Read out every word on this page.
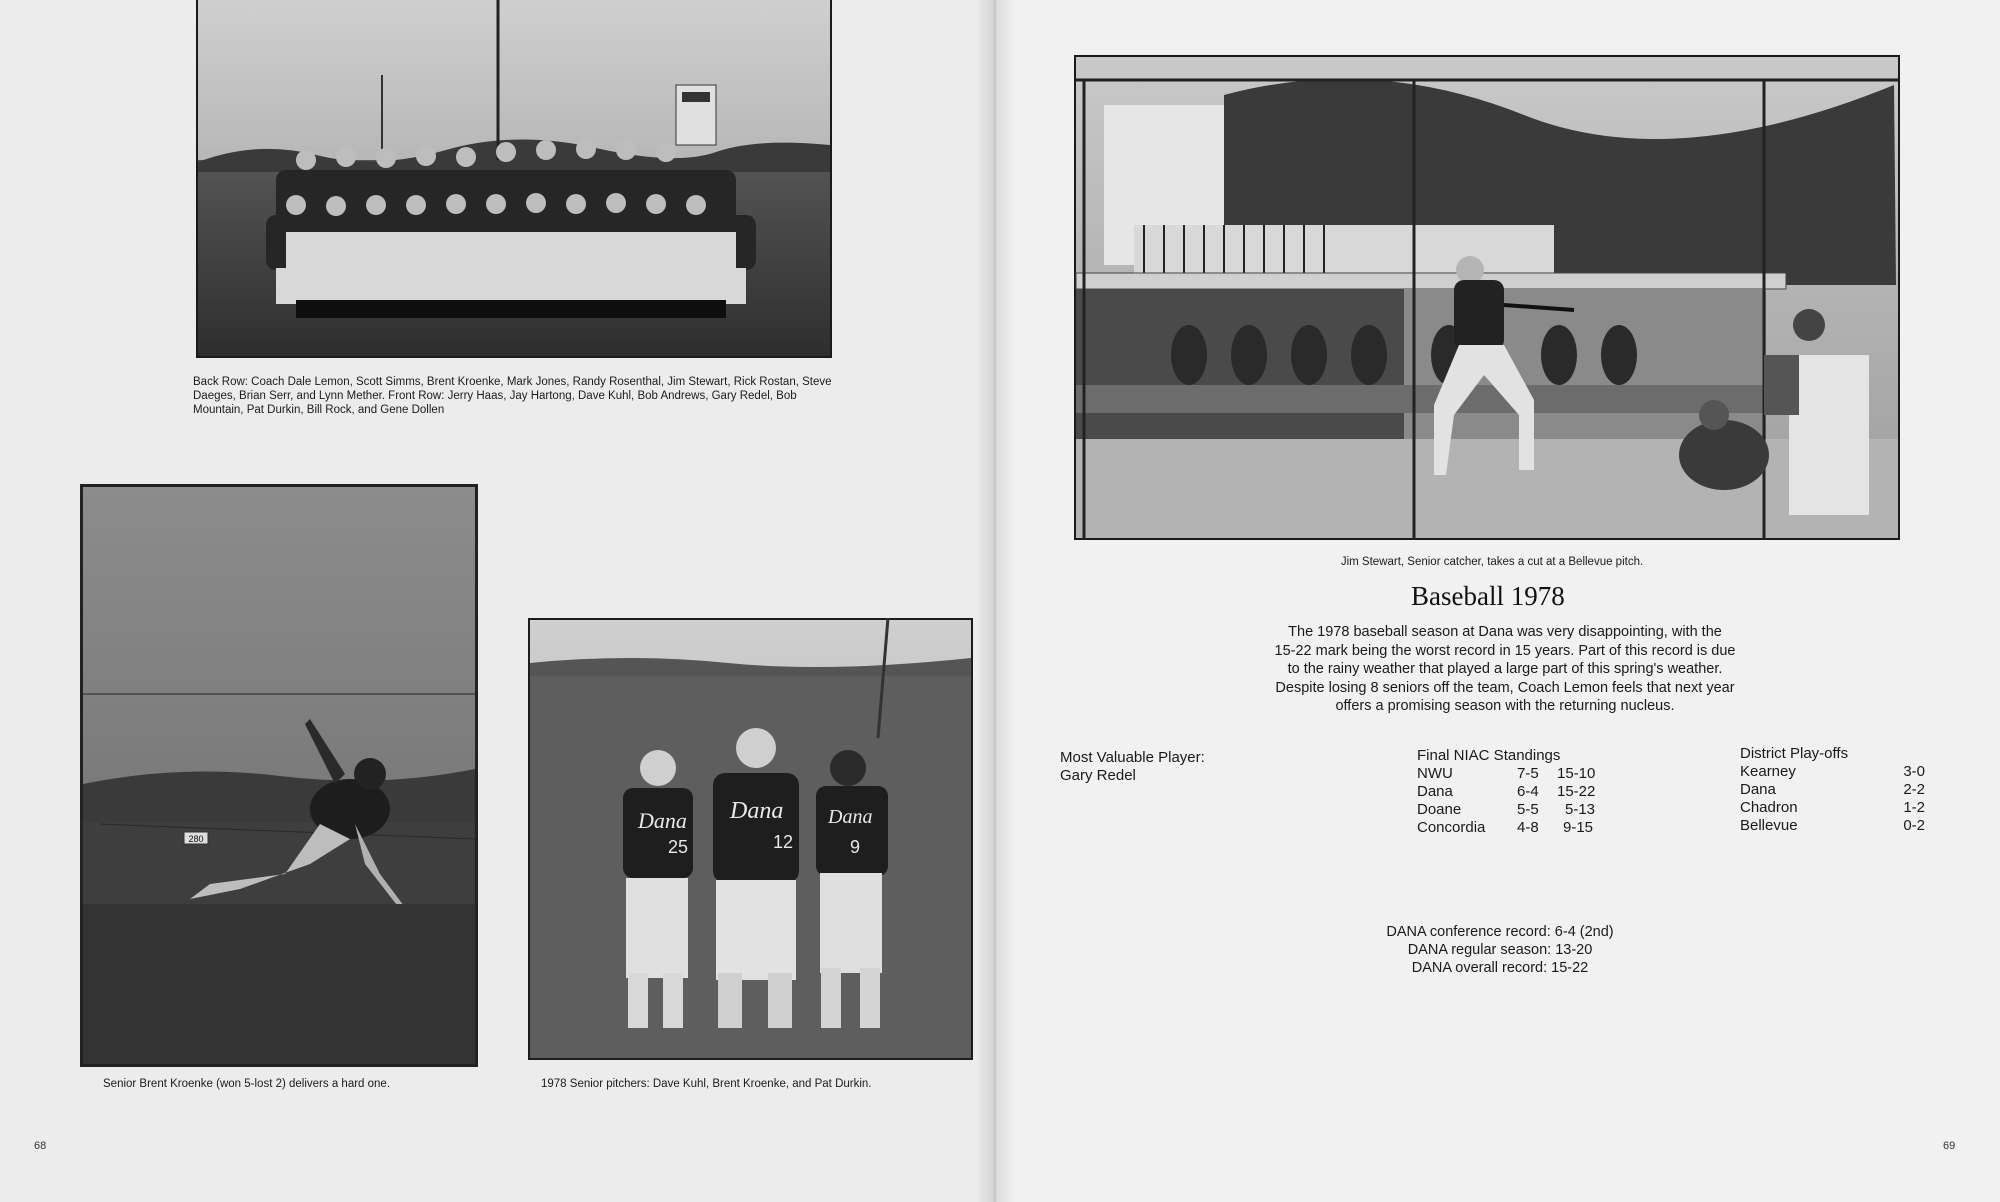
Back Row: Coach Dale Lemon, Scott Simms, Brent Kroenke, Mark Jones, Randy Rosenthal, Jim Stewart, Rick Rostan, Steve Daeges, Brian Serr, and Lynn Mether. Front Row: Jerry Haas, Jay Hartong, Dave Kuhl, Bob Andrews, Gary Redel, Bob Mountain, Pat Durkin, Bill Rock, and Gene Dollen
280
Senior Brent Kroenke (won 5-lost 2) delivers a hard one.
Dana
25
Dana
12
Dana
9
1978 Senior pitchers: Dave Kuhl, Brent Kroenke, and Pat Durkin.
68
Jim Stewart, Senior catcher, takes a cut at a Bellevue pitch.
Baseball 1978
The 1978 baseball season at Dana was very disappointing, with the
15-22 mark being the worst record in 15 years. Part of this record is due
to the rainy weather that played a large part of this spring's weather.
Despite losing 8 seniors off the team, Coach Lemon feels that next year
offers a promising season with the returning nucleus.
Most Valuable Player:
Gary Redel
Final NIAC Standings
NWU	7-5	15-10
Dana	6-4	15-22
Doane	5-5	5-13
Concordia	4-8	9-15
District Play-offs
Kearney	3-0
Dana	2-2
Chadron	1-2
Bellevue	0-2
DANA conference record: 6-4 (2nd)
DANA regular season: 13-20
DANA overall record: 15-22
69
